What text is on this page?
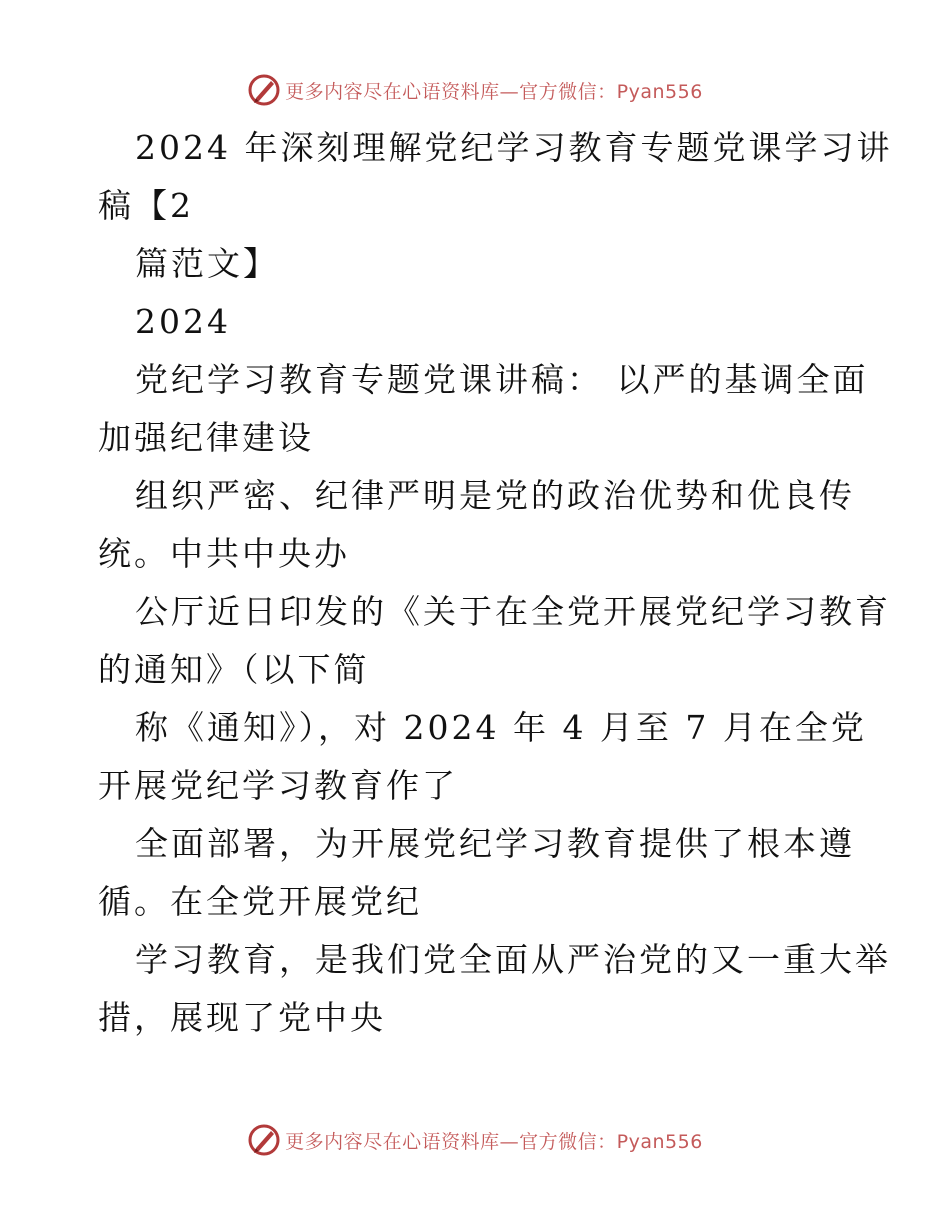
更多内容尽在心语资料库—官方微信：Pyan556
2024 年深刻理解党纪学习教育专题党课学习讲
稿【2
篇范文】
2024
党纪学习教育专题党课讲稿： 以严的基调全面
加强纪律建设
组织严密、纪律严明是党的政治优势和优良传
统。中共中央办
公厅近日印发的《关于在全党开展党纪学习教育
的通知》（以下简
称《通知》），对 2024 年 4 月至 7 月在全党
开展党纪学习教育作了
全面部署，为开展党纪学习教育提供了根本遵
循。在全党开展党纪
学习教育，是我们党全面从严治党的又一重大举
措，展现了党中央
更多内容尽在心语资料库—官方微信：Pyan556
